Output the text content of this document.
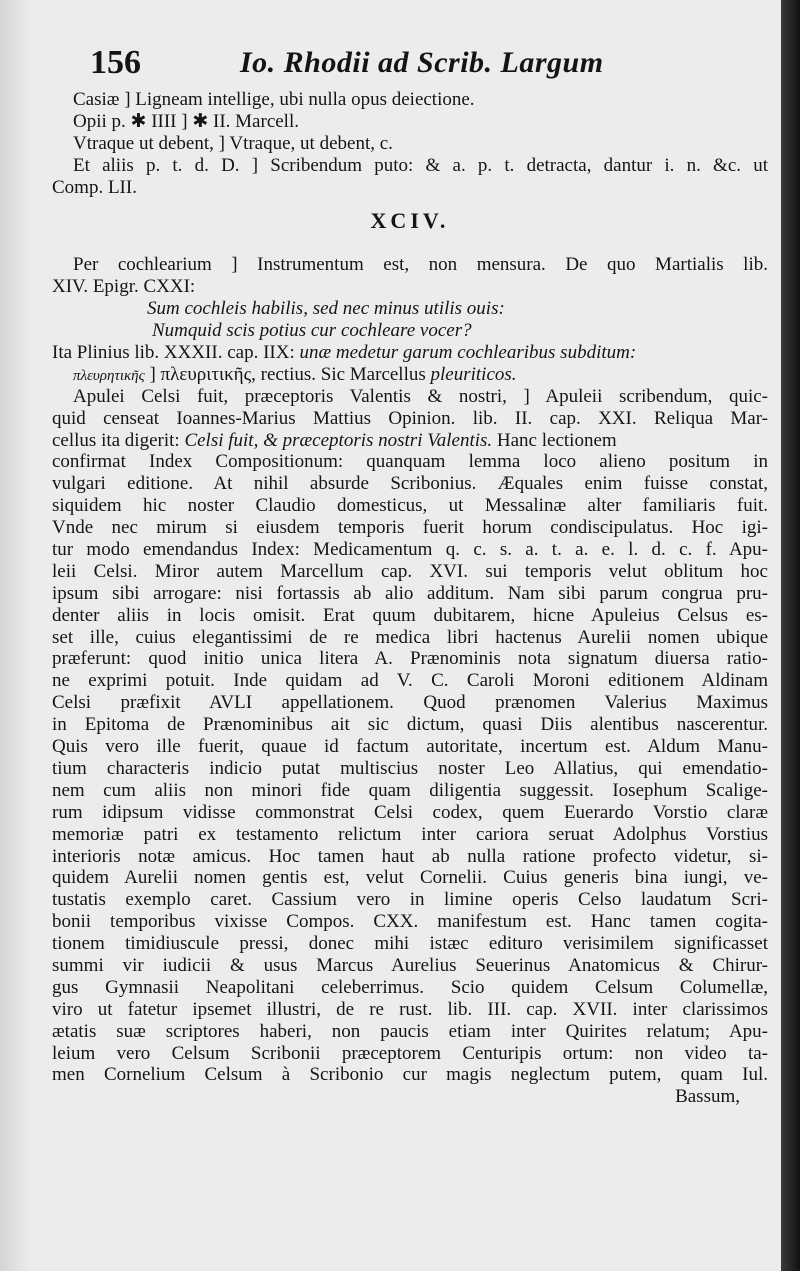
156	Io. Rhodii ad Scrib. Largum
Casiæ ] Ligneam intellige, ubi nulla opus deiectione.
Opii p. ✱ IIII ] ✱ II. Marcell.
Vtraque ut debent, ] Vtraque, ut debent, c.
Et aliis p. t. d. D. ] Scribendum puto: & a. p. t. detracta, dantur i. n. &c. ut
Comp. LII.
XCIV.
Per cochlearium ] Instrumentum est, non mensura. De quo Martialis lib.
XIV. Epigr. CXXI:
Sum cochleis habilis, sed nec minus utilis ouis:
Numquid scis potius cur cochleare vocer?
Ita Plinius lib. XXXII. cap. IIX: unæ medetur garum cochlearibus subditum:
πλευρητικῆς ] πλευριτικῆς, rectius. Sic Marcellus pleuriticos.
Apulei Celsi fuit, præceptoris Valentis & nostri, ] Apuleii scribendum, quic-
quid censeat Ioannes-Marius Mattius Opinion. lib. II. cap. XXI. Reliqua Mar-
cellus ita digerit: Celsi fuit, & præceptoris nostri Valentis. Hanc lectionem
confirmat Index Compositionum: quanquam lemma loco alieno positum in
vulgari editione. At nihil absurde Scribonius. Æquales enim fuisse constat,
siquidem hic noster Claudio domesticus, ut Messalinæ alter familiaris fuit.
Vnde nec mirum si eiusdem temporis fuerit horum condiscipulatus. Hoc igi-
tur modo emendandus Index: Medicamentum q. c. s. a. t. a. e. l. d. c. f. Apu-
leii Celsi. Miror autem Marcellum cap. XVI. sui temporis velut oblitum hoc
ipsum sibi arrogare: nisi fortassis ab alio additum. Nam sibi parum congrua pru-
denter aliis in locis omisit. Erat quum dubitarem, hicne Apuleius Celsus es-
set ille, cuius elegantissimi de re medica libri hactenus Aurelii nomen ubique
præferunt: quod initio unica litera A. Prænominis nota signatum diuersa ratio-
ne exprimi potuit. Inde quidam ad V. C. Caroli Moroni editionem Aldinam
Celsi præfixit AVLI appellationem. Quod prænomen Valerius Maximus
in Epitoma de Prænominibus ait sic dictum, quasi Diis alentibus nascerentur.
Quis vero ille fuerit, quaue id factum autoritate, incertum est. Aldum Manu-
tium characteris indicio putat multiscius noster Leo Allatius, qui emendatio-
nem cum aliis non minori fide quam diligentia suggessit. Iosephum Scalige-
rum idipsum vidisse commonstrat Celsi codex, quem Euerardo Vorstio claræ
memoriæ patri ex testamento relictum inter cariora seruat Adolphus Vorstius
interioris notæ amicus. Hoc tamen haut ab nulla ratione profecto videtur, si-
quidem Aurelii nomen gentis est, velut Cornelii. Cuius generis bina iungi, ve-
tustatis exemplo caret. Cassium vero in limine operis Celso laudatum Scri-
bonii temporibus vixisse Compos. CXX. manifestum est. Hanc tamen cogita-
tionem timidiuscule pressi, donec mihi istæc edituro verisimilem significasset
summi vir iudicii & usus Marcus Aurelius Seuerinus Anatomicus & Chirur-
gus Gymnasii Neapolitani celeberrimus. Scio quidem Celsum Columellæ,
viro ut fatetur ipsemet illustri, de re rust. lib. III. cap. XVII. inter clarissimos
ætatis suæ scriptores haberi, non paucis etiam inter Quirites relatum; Apu-
leium vero Celsum Scribonii præceptorem Centuripis ortum: non video ta-
men Cornelium Celsum à Scribonio cur magis neglectum putem, quam Iul.
Bassum,
